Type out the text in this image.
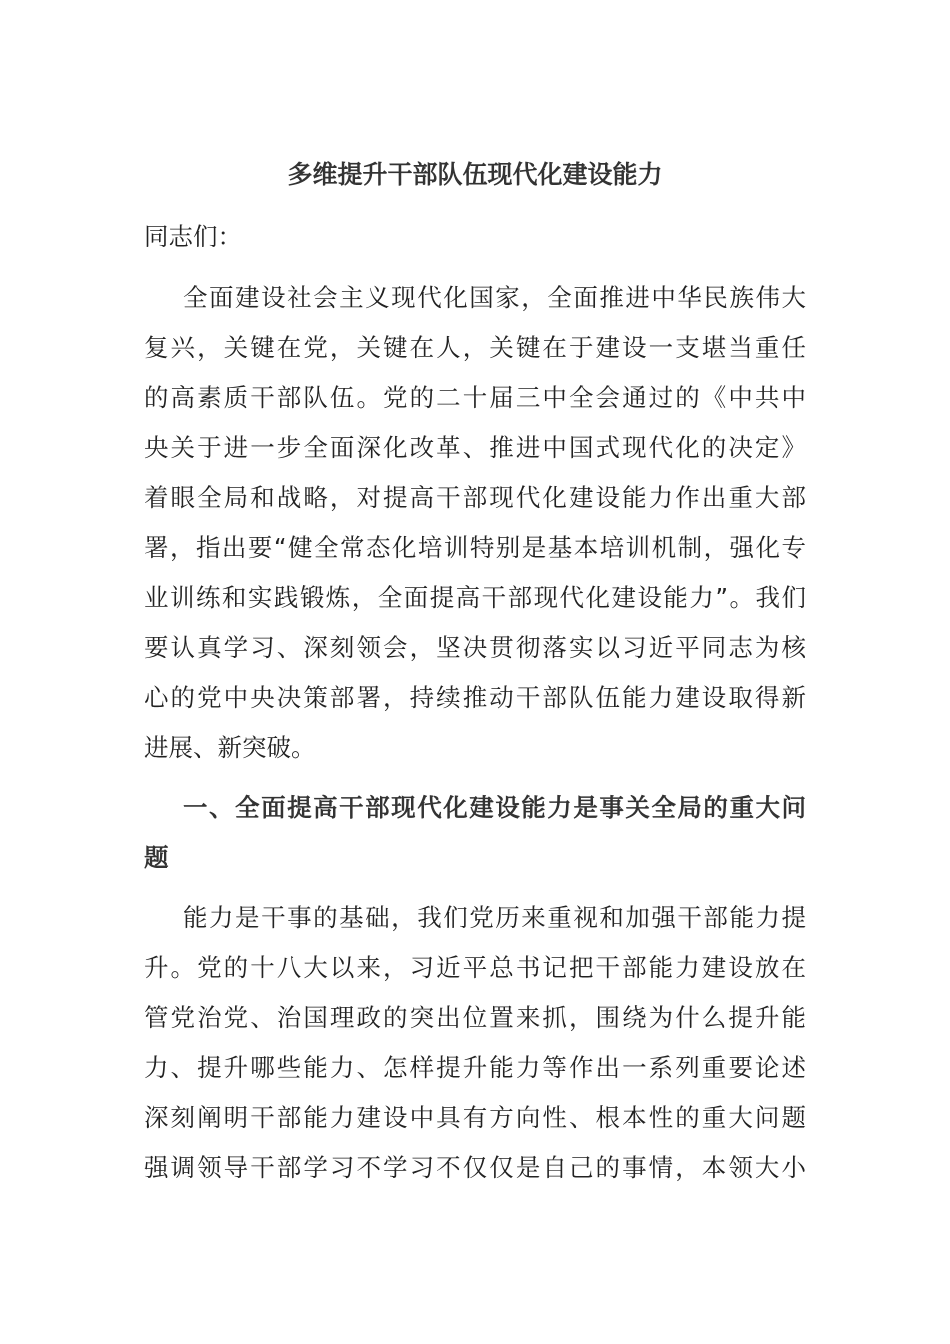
多维提升干部队伍现代化建设能力
同志们：
全面建设社会主义现代化国家，全面推进中华民族伟大
复兴，关键在党，关键在人，关键在于建设一支堪当重任
的高素质干部队伍。党的二十届三中全会通过的《中共中
央关于进一步全面深化改革、推进中国式现代化的决定》
着眼全局和战略，对提高干部现代化建设能力作出重大部
署，指出要“健全常态化培训特别是基本培训机制，强化专
业训练和实践锻炼，全面提高干部现代化建设能力”。我们
要认真学习、深刻领会，坚决贯彻落实以习近平同志为核
心的党中央决策部署，持续推动干部队伍能力建设取得新
进展、新突破。
一、全面提高干部现代化建设能力是事关全局的重大问
题
能力是干事的基础，我们党历来重视和加强干部能力提
升。党的十八大以来，习近平总书记把干部能力建设放在
管党治党、治国理政的突出位置来抓，围绕为什么提升能
力、提升哪些能力、怎样提升能力等作出一系列重要论述
深刻阐明干部能力建设中具有方向性、根本性的重大问题
强调领导干部学习不学习不仅仅是自己的事情，本领大小
